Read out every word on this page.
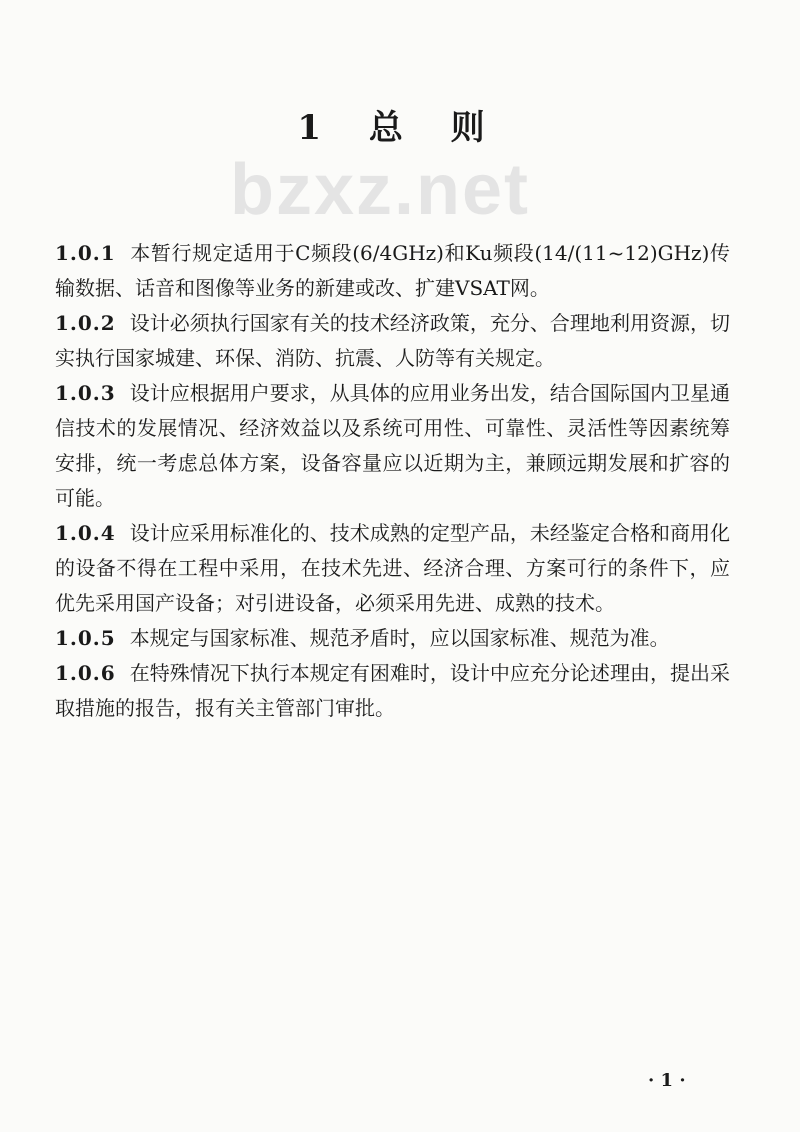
1 总 则
bzxz.net

1.0.1 本暂行规定适用于C频段(6/4GHz)和Ku频段(14/(11~12)GHz)传输数据、话音和图像等业务的新建或改、扩建VSAT网。

1.0.2 设计必须执行国家有关的技术经济政策，充分、合理地利用资源，切实执行国家城建、环保、消防、抗震、人防等有关规定。

1.0.3 设计应根据用户要求，从具体的应用业务出发，结合国际国内卫星通信技术的发展情况、经济效益以及系统可用性、可靠性、灵活性等因素统筹安排，统一考虑总体方案，设备容量应以近期为主，兼顾远期发展和扩容的可能。

1.0.4 设计应采用标准化的、技术成熟的定型产品，未经鉴定合格和商用化的设备不得在工程中采用，在技术先进、经济合理、方案可行的条件下，应优先采用国产设备；对引进设备，必须采用先进、成熟的技术。

1.0.5 本规定与国家标准、规范矛盾时，应以国家标准、规范为准。

1.0.6 在特殊情况下执行本规定有困难时，设计中应充分论述理由，提出采取措施的报告，报有关主管部门审批。

· 1 ·
